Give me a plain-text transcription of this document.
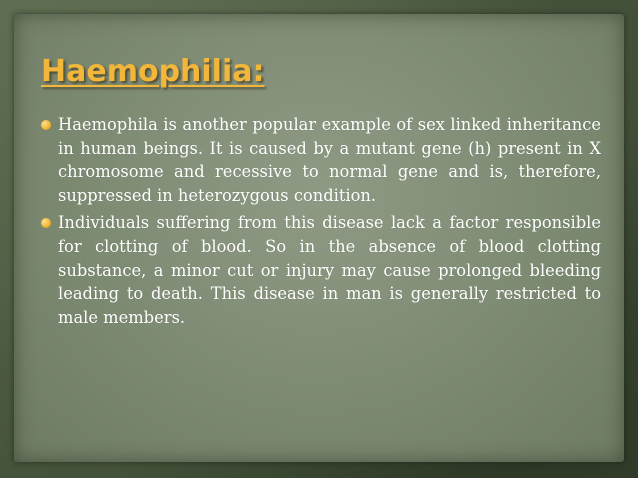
Haemophilia:
Haemophila is another popular example of sex linked inheritance in human beings. It is caused by a mutant gene (h) present in X chromosome and recessive to normal gene and is, therefore, suppressed in heterozygous condition.
Individuals suffering from this disease lack a factor responsible for clotting of blood. So in the absence of blood clotting substance, a minor cut or injury may cause prolonged bleeding leading to death. This disease in man is generally restricted to male members.
